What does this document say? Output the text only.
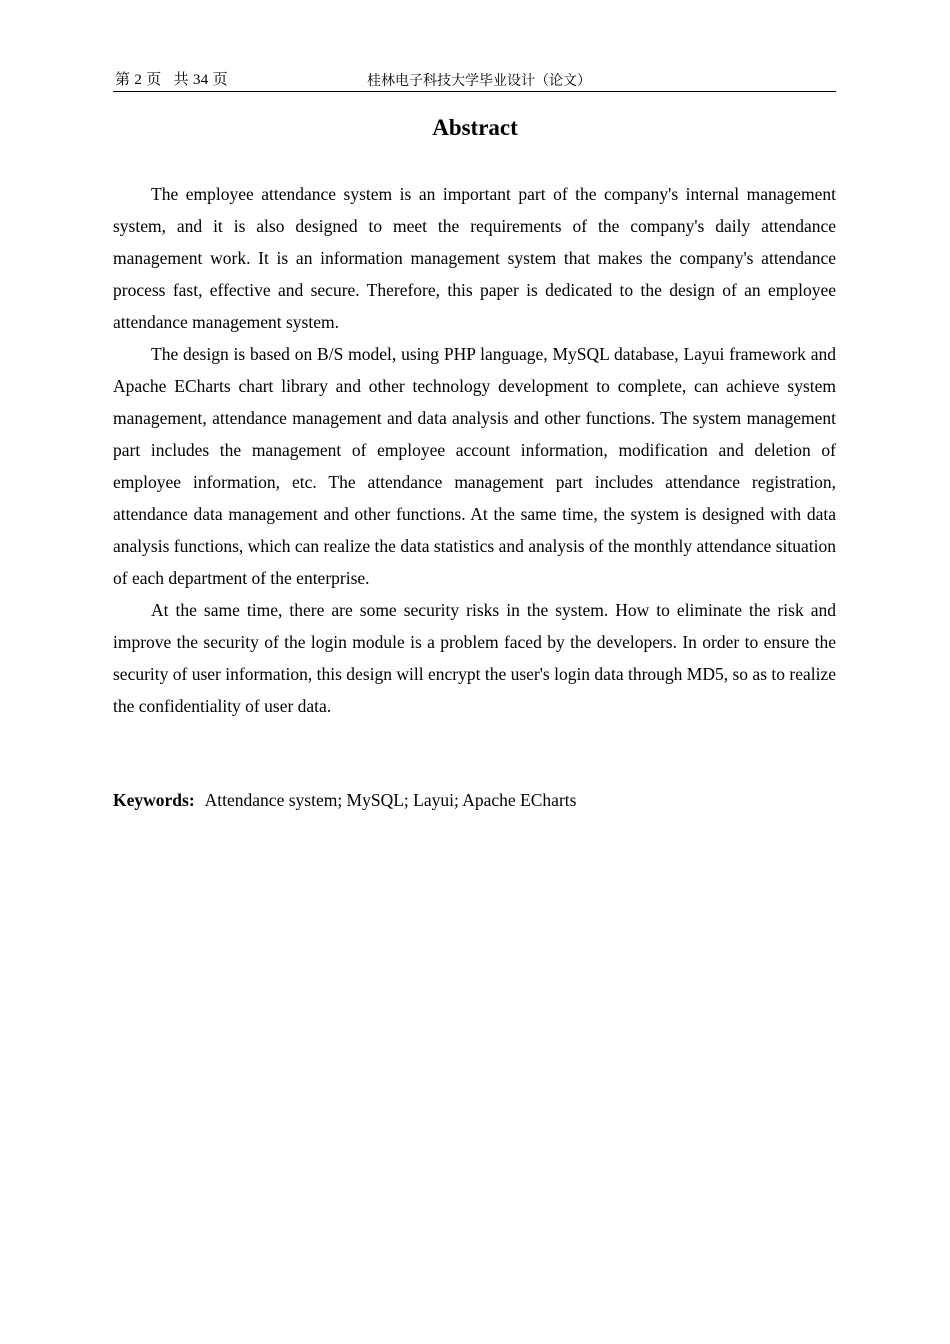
第 2 页   共 34 页	桂林电子科技大学毕业设计（论文）
Abstract

The employee attendance system is an important part of the company's internal management system, and it is also designed to meet the requirements of the company's daily attendance management work. It is an information management system that makes the company's attendance process fast, effective and secure. Therefore, this paper is dedicated to the design of an employee attendance management system.

The design is based on B/S model, using PHP language, MySQL database, Layui framework and Apache ECharts chart library and other technology development to complete, can achieve system management, attendance management and data analysis and other functions. The system management part includes the management of employee account information, modification and deletion of employee information, etc. The attendance management part includes attendance registration, attendance data management and other functions. At the same time, the system is designed with data analysis functions, which can realize the data statistics and analysis of the monthly attendance situation of each department of the enterprise.

At the same time, there are some security risks in the system. How to eliminate the risk and improve the security of the login module is a problem faced by the developers. In order to ensure the security of user information, this design will encrypt the user's login data through MD5, so as to realize the confidentiality of user data.

Keywords: Attendance system; MySQL; Layui; Apache ECharts
